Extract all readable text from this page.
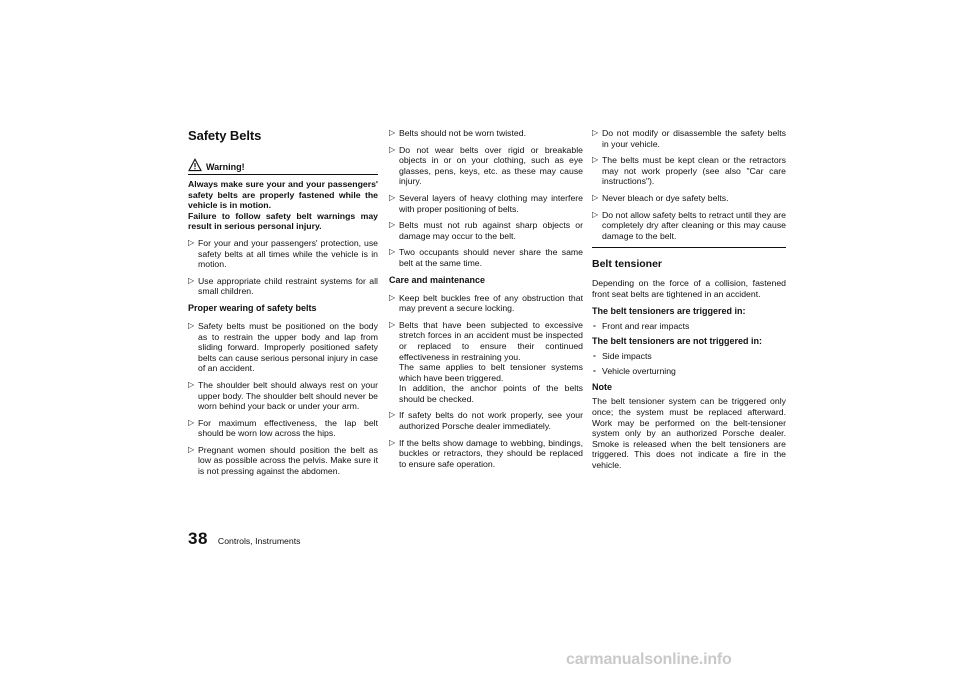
Safety Belts
Warning!

Always make sure your and your passengers' safety belts are properly fastened while the vehicle is in motion.

Failure to follow safety belt warnings may result in serious personal injury.

▷ For your and your passengers' protection, use safety belts at all times while the vehicle is in motion.
▷ Use appropriate child restraint systems for all small children.
Proper wearing of safety belts
▷ Safety belts must be positioned on the body as to restrain the upper body and lap from sliding forward. Improperly positioned safety belts can cause serious personal injury in case of an accident.
▷ The shoulder belt should always rest on your upper body. The shoulder belt should never be worn behind your back or under your arm.
▷ For maximum effectiveness, the lap belt should be worn low across the hips.
▷ Pregnant women should position the belt as low as possible across the pelvis. Make sure it is not pressing against the abdomen.
▷ Belts should not be worn twisted.
▷ Do not wear belts over rigid or breakable objects in or on your clothing, such as eye glasses, pens, keys, etc. as these may cause injury.
▷ Several layers of heavy clothing may interfere with proper positioning of belts.
▷ Belts must not rub against sharp objects or damage may occur to the belt.
▷ Two occupants should never share the same belt at the same time.
Care and maintenance
▷ Keep belt buckles free of any obstruction that may prevent a secure locking.
▷ Belts that have been subjected to excessive stretch forces in an accident must be inspected or replaced to ensure their continued effectiveness in restraining you.
The same applies to belt tensioner systems which have been triggered.
In addition, the anchor points of the belts should be checked.
▷ If safety belts do not work properly, see your authorized Porsche dealer immediately.
▷ If the belts show damage to webbing, bindings, buckles or retractors, they should be replaced to ensure safe operation.
▷ Do not modify or disassemble the safety belts in your vehicle.
▷ The belts must be kept clean or the retractors may not work properly (see also "Car care instructions").
▷ Never bleach or dye safety belts.
▷ Do not allow safety belts to retract until they are completely dry after cleaning or this may cause damage to the belt.
Belt tensioner

Depending on the force of a collision, fastened front seat belts are tightened in an accident.

The belt tensioners are triggered in:
- Front and rear impacts
The belt tensioners are not triggered in:
- Side impacts
- Vehicle overturning
Note

The belt tensioner system can be triggered only once; the system must be replaced afterward. Work may be performed on the belt-tensioner system only by an authorized Porsche dealer. Smoke is released when the belt tensioners are triggered. This does not indicate a fire in the vehicle.

38 Controls, Instruments
carmanualsonline.info
